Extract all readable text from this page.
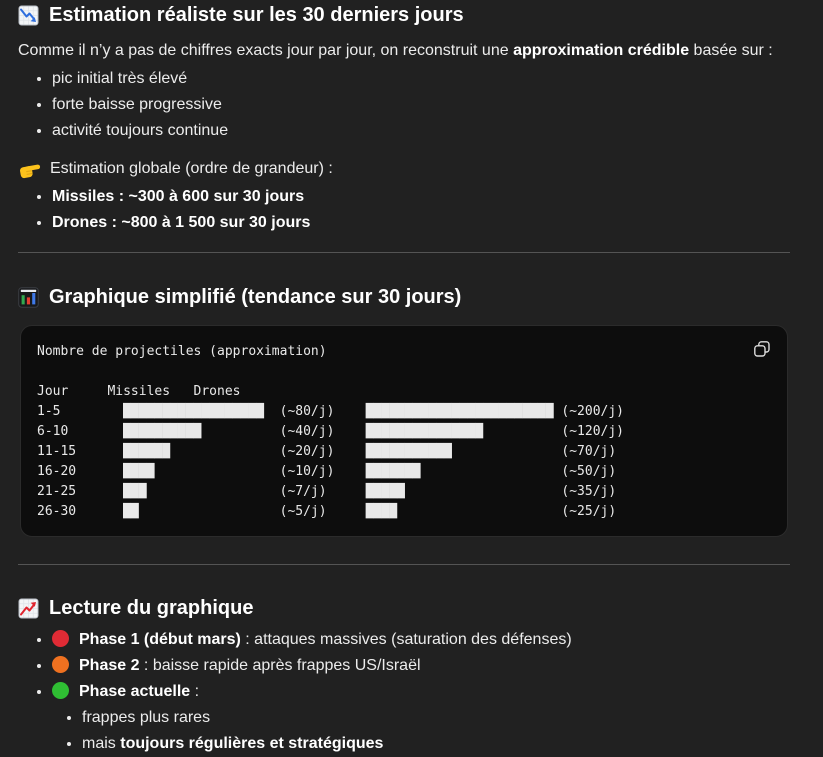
Estimation réaliste sur les 30 derniers jours

Comme il n’y a pas de chiffres exacts jour par jour, on reconstruit une approximation crédible basée sur :

• pic initial très élevé
• forte baisse progressive
• activité toujours continue
Estimation globale (ordre de grandeur) :
• Missiles : ~300 à 600 sur 30 jours
• Drones : ~800 à 1 500 sur 30 jours
Graphique simplifié (tendance sur 30 jours)
Nombre de projectiles (approximation)

Jour     Missiles   Drones
1-5        ██████████████████  (~80/j)    ████████████████████████ (~200/j)
6-10       ██████████          (~40/j)    ███████████████          (~120/j)
11-15      ██████              (~20/j)    ███████████              (~70/j)
16-20      ████                (~10/j)    ███████                  (~50/j)
21-25      ███                 (~7/j)     █████                    (~35/j)
26-30      ██                  (~5/j)     ████                     (~25/j)
Lecture du graphique
• Phase 1 (début mars) : attaques massives (saturation des défenses)
• Phase 2 : baisse rapide après frappes US/Israël
• Phase actuelle :
• frappes plus rares
• mais toujours régulières et stratégiques
